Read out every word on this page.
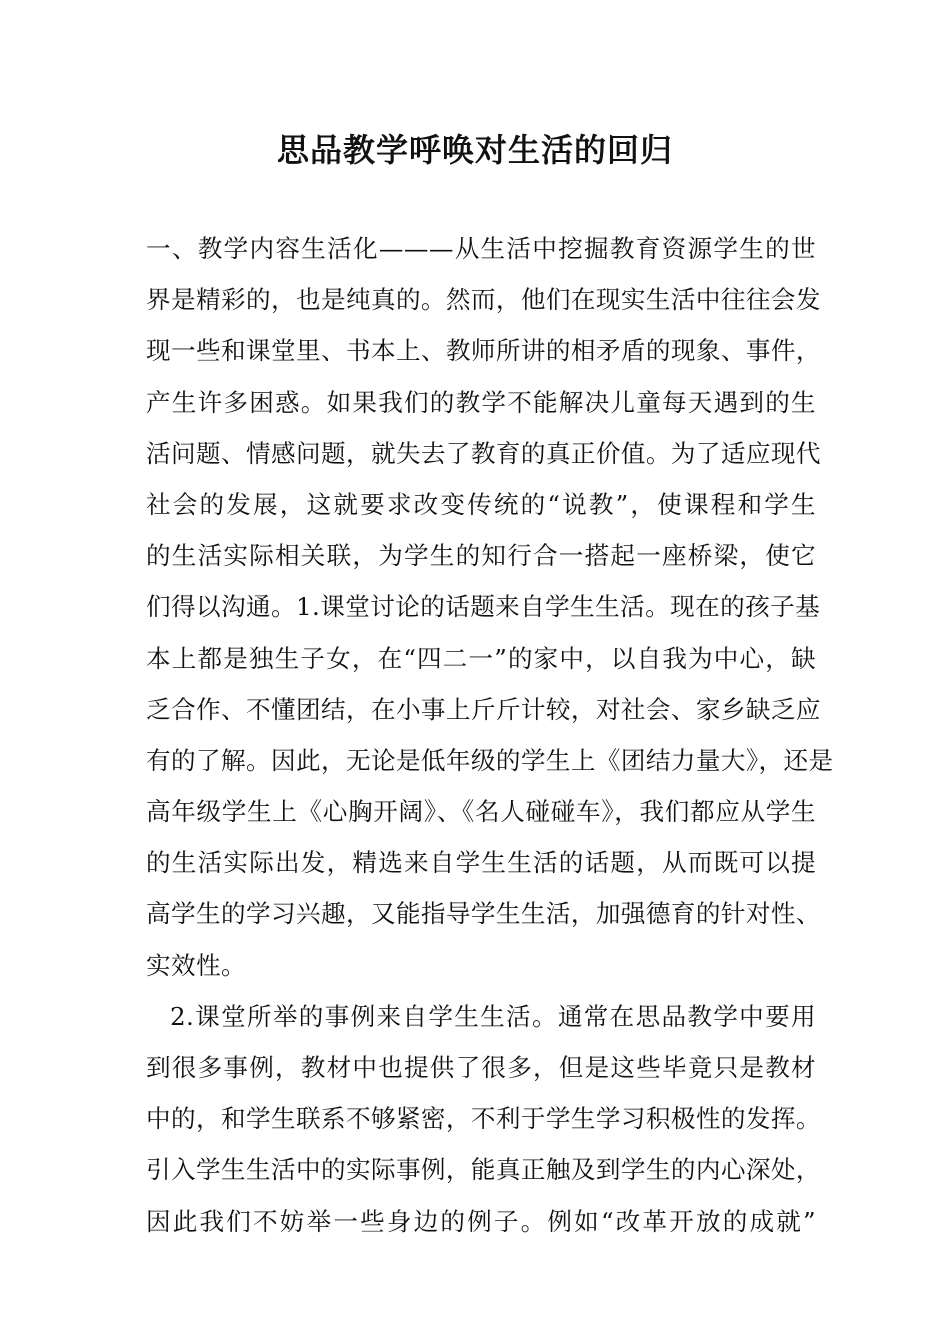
思品教学呼唤对生活的回归
一、教学内容生活化———从生活中挖掘教育资源学生的世
界是精彩的，也是纯真的。然而，他们在现实生活中往往会发
现一些和课堂里、书本上、教师所讲的相矛盾的现象、事件，
产生许多困惑。如果我们的教学不能解决儿童每天遇到的生
活问题、情感问题，就失去了教育的真正价值。为了适应现代
社会的发展，这就要求改变传统的“说教”，使课程和学生
的生活实际相关联，为学生的知行合一搭起一座桥梁，使它
们得以沟通。1.课堂讨论的话题来自学生生活。现在的孩子基
本上都是独生子女，在“四二一”的家中，以自我为中心，缺
乏合作、不懂团结，在小事上斤斤计较，对社会、家乡缺乏应
有的了解。因此，无论是低年级的学生上《团结力量大》，还是
高年级学生上《心胸开阔》、《名人碰碰车》，我们都应从学生
的生活实际出发，精选来自学生生活的话题，从而既可以提
高学生的学习兴趣，又能指导学生生活，加强德育的针对性、
实效性。
2.课堂所举的事例来自学生生活。通常在思品教学中要用
到很多事例，教材中也提供了很多，但是这些毕竟只是教材
中的，和学生联系不够紧密，不利于学生学习积极性的发挥。
引入学生生活中的实际事例，能真正触及到学生的内心深处，
因此我们不妨举一些身边的例子。例如“改革开放的成就”
